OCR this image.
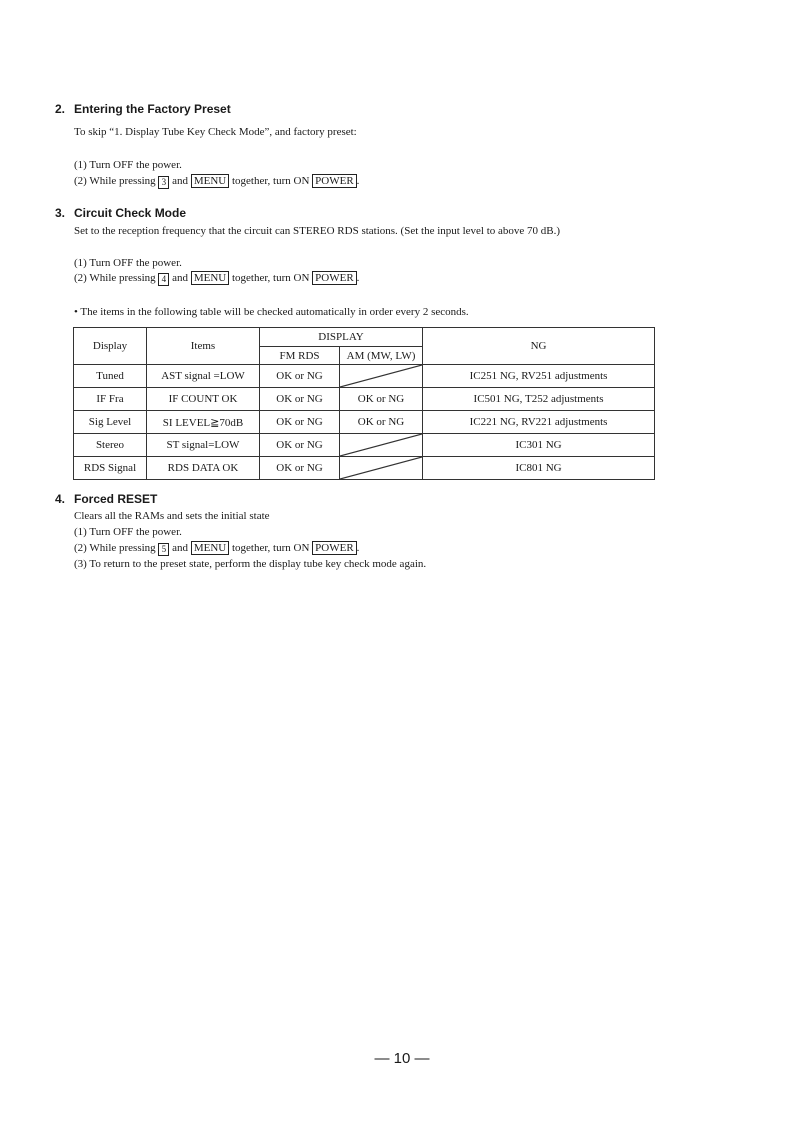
2. Entering the Factory Preset
To skip “1. Display Tube Key Check Mode”, and factory preset:
(1) Turn OFF the power.
(2) While pressing 3 and MENU together, turn ON POWER .
3. Circuit Check Mode
Set to the reception frequency that the circuit can STEREO RDS stations. (Set the input level to above 70 dB.)
(1) Turn OFF the power.
(2) While pressing 4 and MENU together, turn ON POWER .
• The items in the following table will be checked automatically in order every 2 seconds.
Display	Items	DISPLAY		NG
		FM RDS	AM (MW, LW)	
Tuned	AST signal =LOW	OK or NG		IC251 NG, RV251 adjustments
IF Fra	IF COUNT OK	OK or NG	OK or NG	IC501 NG, T252 adjustments
Sig Level	SI LEVEL≧70dB	OK or NG	OK or NG	IC221 NG, RV221 adjustments
Stereo	ST signal=LOW	OK or NG		IC301 NG
RDS Signal	RDS DATA OK	OK or NG		IC801 NG
4. Forced RESET
Clears all the RAMs and sets the initial state
(1) Turn OFF the power.
(2) While pressing 5 and MENU together, turn ON POWER .
(3) To return to the preset state, perform the display tube key check mode again.
— 10 —
